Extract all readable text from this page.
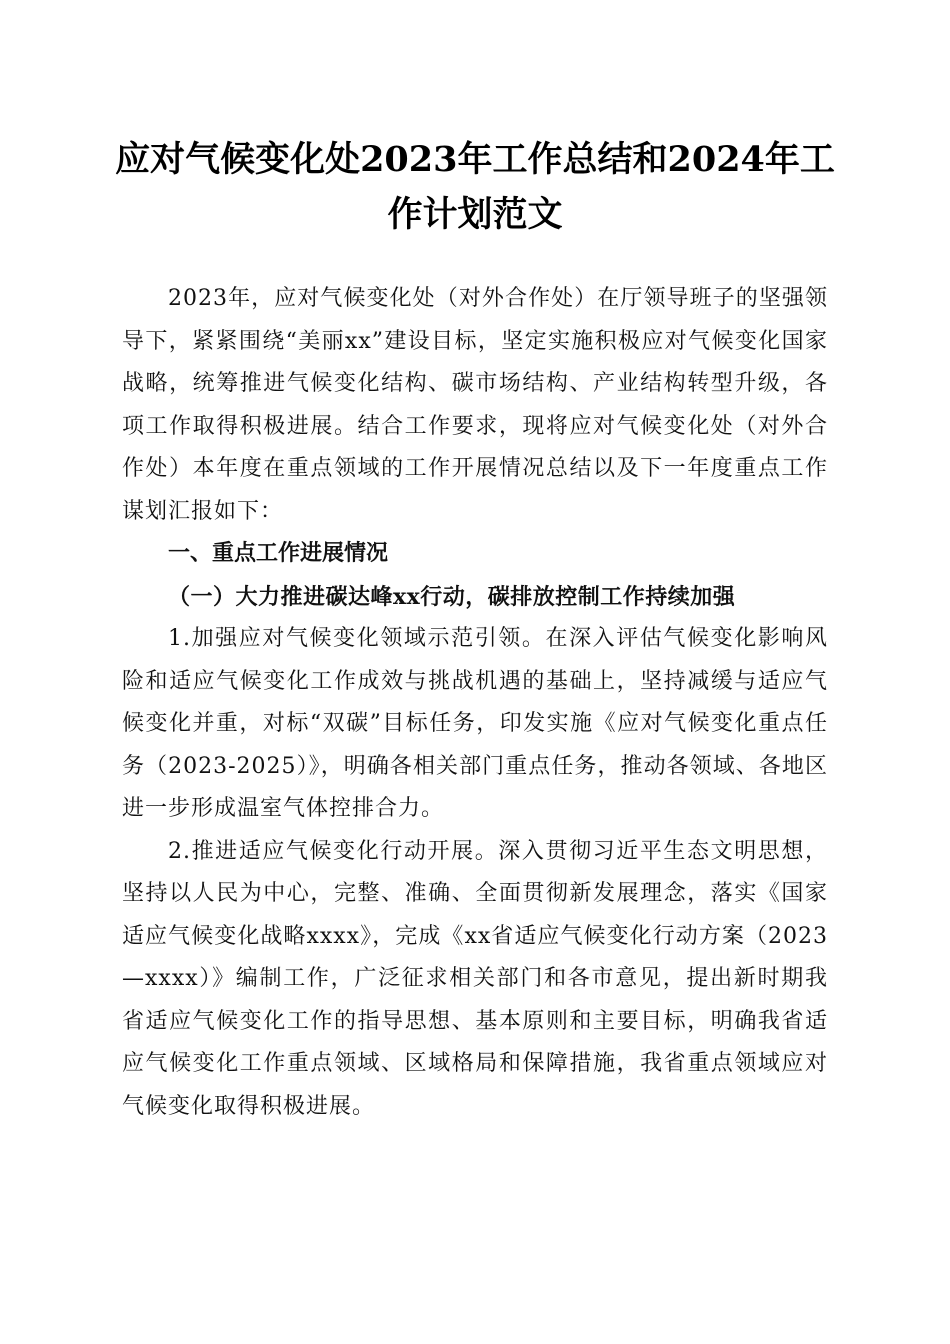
应对气候变化处2023年工作总结和2024年工
作计划范文

2023年，应对气候变化处（对外合作处）在厅领导班子的坚强领导下，紧紧围绕“美丽xx”建设目标，坚定实施积极应对气候变化国家战略，统筹推进气候变化结构、碳市场结构、产业结构转型升级，各项工作取得积极进展。结合工作要求，现将应对气候变化处（对外合作处）本年度在重点领域的工作开展情况总结以及下一年度重点工作谋划汇报如下：

一、重点工作进展情况

（一）大力推进碳达峰xx行动，碳排放控制工作持续加强

1.加强应对气候变化领域示范引领。在深入评估气候变化影响风险和适应气候变化工作成效与挑战机遇的基础上，坚持减缓与适应气候变化并重，对标“双碳”目标任务，印发实施《应对气候变化重点任务（2023-2025）》，明确各相关部门重点任务，推动各领域、各地区进一步形成温室气体控排合力。

2.推进适应气候变化行动开展。深入贯彻习近平生态文明思想，坚持以人民为中心，完整、准确、全面贯彻新发展理念，落实《国家适应气候变化战略xxxx》，完成《xx省适应气候变化行动方案（2023—xxxx）》编制工作，广泛征求相关部门和各市意见，提出新时期我省适应气候变化工作的指导思想、基本原则和主要目标，明确我省适应气候变化工作重点领域、区域格局和保障措施，我省重点领域应对气候变化取得积极进展。
